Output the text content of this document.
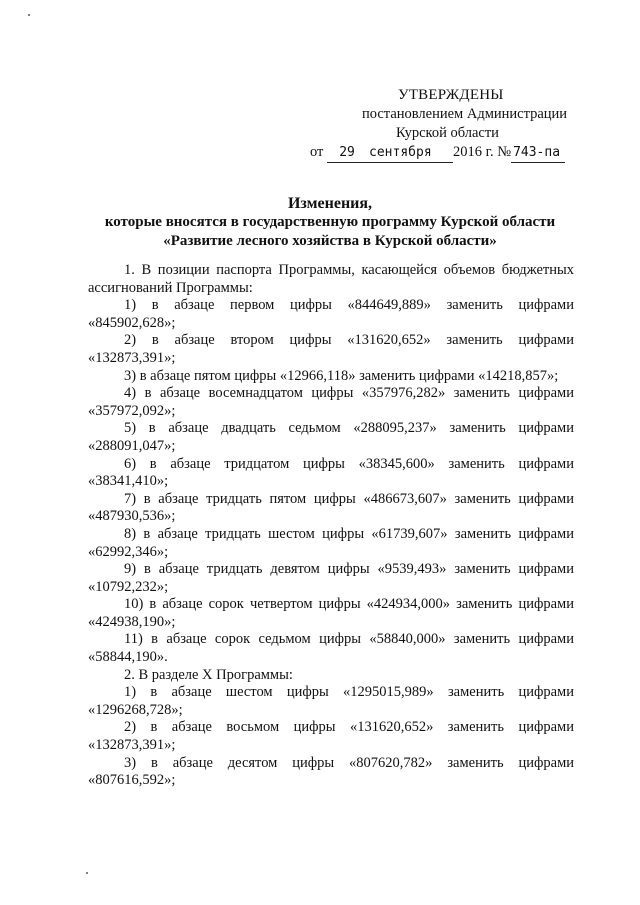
УТВЕРЖДЕНЫ
постановлением Администрации
Курской области
от
	29	сентября	2016 г. № 743-па
Изменения,
которые вносятся в государственную программу Курской области
«Развитие лесного хозяйства в Курской области»

1. В позиции паспорта Программы, касающейся объемов бюджетных ассигнований Программы:

1) в абзаце первом цифры «844649,889» заменить цифрами «845902,628»;

2) в абзаце втором цифры «131620,652» заменить цифрами «132873,391»;

3) в абзаце пятом цифры «12966,118» заменить цифрами «14218,857»;

4) в абзаце восемнадцатом цифры «357976,282» заменить цифрами «357972,092»;

5) в абзаце двадцать седьмом «288095,237» заменить цифрами «288091,047»;

6) в абзаце тридцатом цифры «38345,600» заменить цифрами «38341,410»;

7) в абзаце тридцать пятом цифры «486673,607» заменить цифрами «487930,536»;

8) в абзаце тридцать шестом цифры «61739,607» заменить цифрами «62992,346»;

9) в абзаце тридцать девятом цифры «9539,493» заменить цифрами «10792,232»;

10) в абзаце сорок четвертом цифры «424934,000» заменить цифрами «424938,190»;

11) в абзаце сорок седьмом цифры «58840,000» заменить цифрами «58844,190».

2. В разделе X Программы:

1) в абзаце шестом цифры «1295015,989» заменить цифрами «1296268,728»;

2) в абзаце восьмом цифры «131620,652» заменить цифрами «132873,391»;

3) в абзаце десятом цифры «807620,782» заменить цифрами «807616,592»;
